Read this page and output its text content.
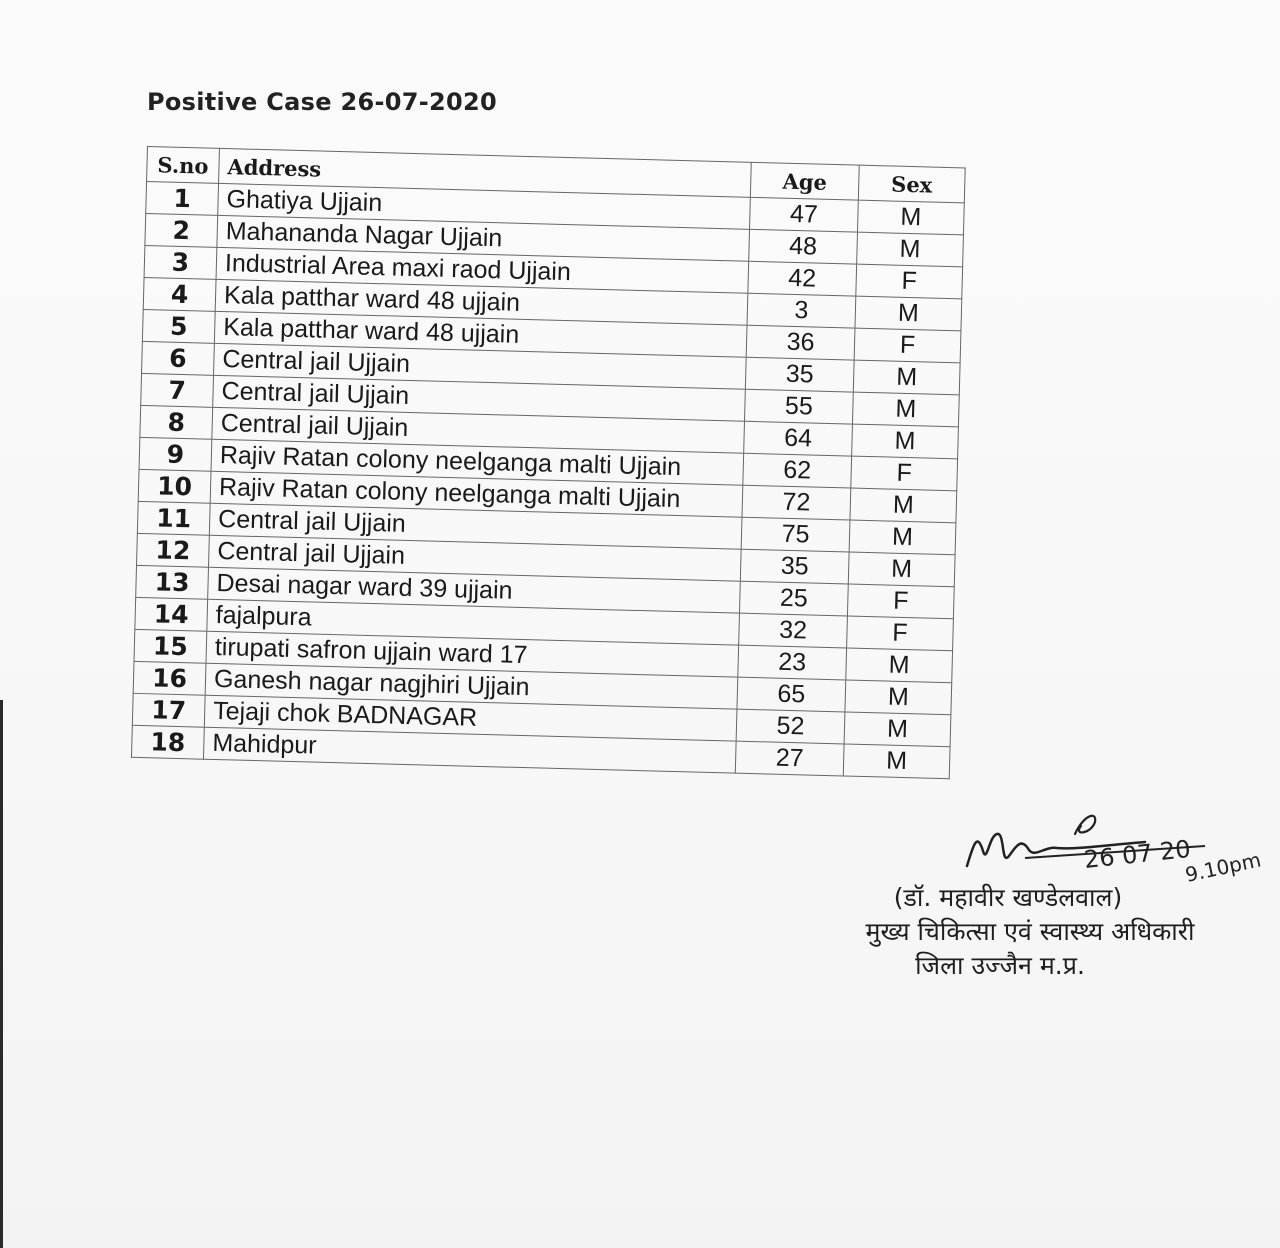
Positive Case 26-07-2020
S.no	Address	Age	Sex
1	Ghatiya Ujjain	47	M
2	Mahananda Nagar Ujjain	48	M
3	Industrial Area maxi raod Ujjain	42	F
4	Kala patthar ward 48 ujjain	3	M
5	Kala patthar ward 48 ujjain	36	F
6	Central jail Ujjain	35	M
7	Central jail Ujjain	55	M
8	Central jail Ujjain	64	M
9	Rajiv Ratan colony neelganga malti Ujjain	62	F
10	Rajiv Ratan colony neelganga malti Ujjain	72	M
11	Central jail Ujjain	75	M
12	Central jail Ujjain	35	M
13	Desai nagar ward 39 ujjain	25	F
14	fajalpura	32	F
15	tirupati safron ujjain ward 17	23	M
16	Ganesh nagar nagjhiri Ujjain	65	M
17	Tejaji chok BADNAGAR	52	M
18	Mahidpur	27	M
26 07 20
9.10pm
(डॉ. महावीर खण्डेलवाल)
मुख्य चिकित्सा एवं स्वास्थ्य अधिकारी
जिला उज्जैन म.प्र.
